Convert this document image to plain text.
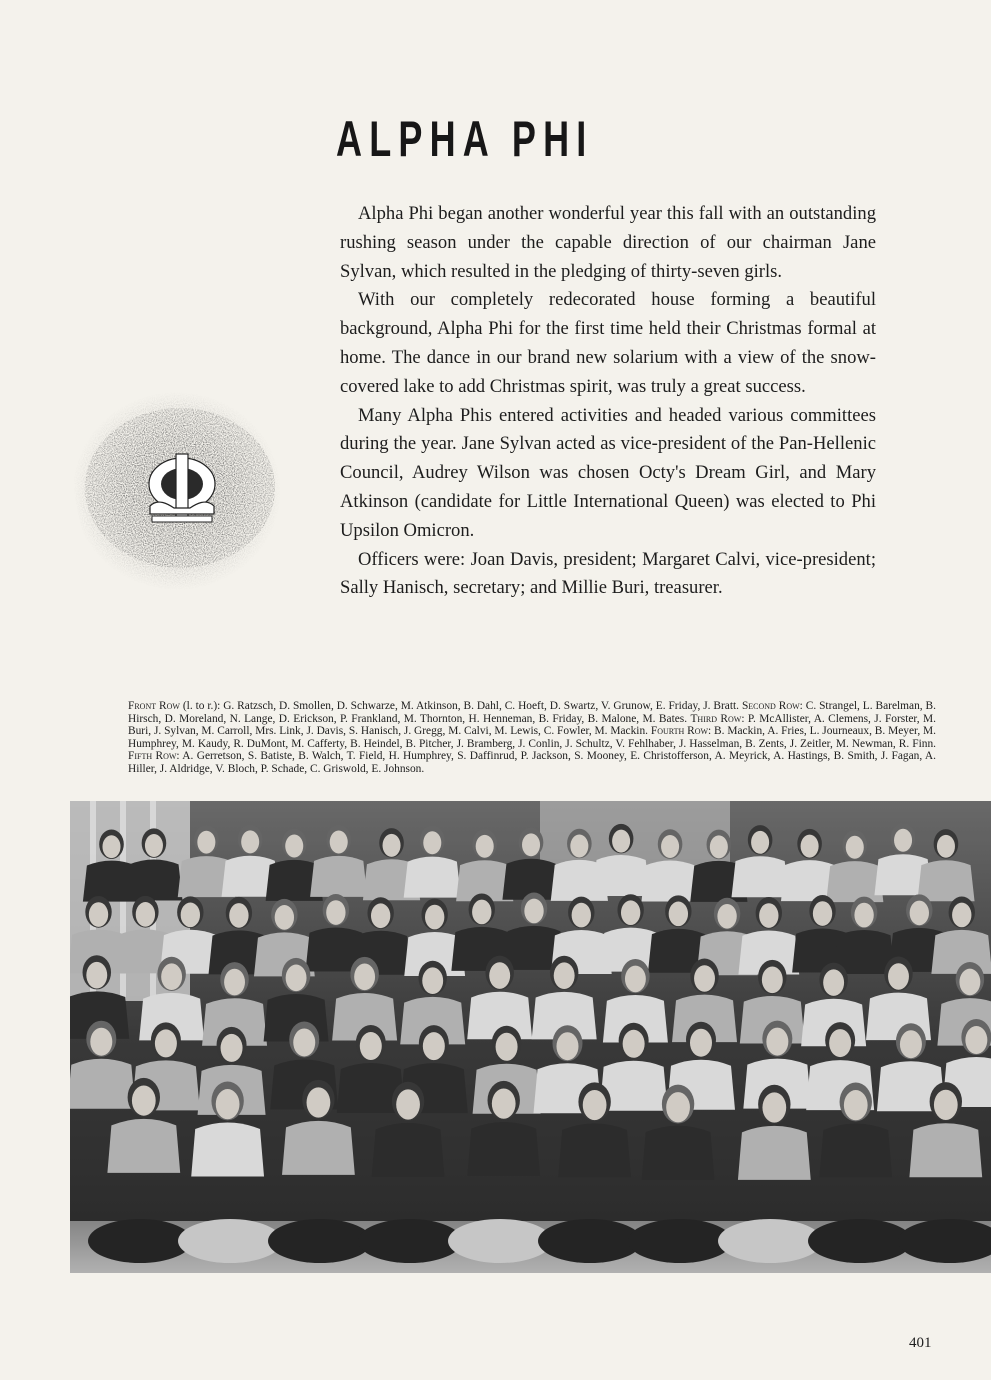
ALPHA PHI

Alpha Phi began another wonderful year this fall with an outstanding rushing season under the capable direction of our chairman Jane Sylvan, which resulted in the pledging of thirty-seven girls.

With our completely redecorated house forming a beautiful background, Alpha Phi for the first time held their Christmas formal at home. The dance in our brand new solarium with a view of the snow-covered lake to add Christmas spirit, was truly a great success.

Many Alpha Phis entered activities and headed various committees during the year. Jane Sylvan acted as vice-president of the Pan-Hellenic Council, Audrey Wilson was chosen Octy's Dream Girl, and Mary Atkinson (candidate for Little International Queen) was elected to Phi Upsilon Omicron.

Officers were: Joan Davis, president; Margaret Calvi, vice-president; Sally Hanisch, secretary; and Millie Buri, treasurer.

Front Row (l. to r.): G. Ratzsch, D. Smollen, D. Schwarze, M. Atkinson, B. Dahl, C. Hoeft, D. Swartz, V. Grunow, E. Friday, J. Bratt. Second Row: C. Strangel, L. Barelman, B. Hirsch, D. Moreland, N. Lange, D. Erickson, P. Frankland, M. Thornton, H. Henneman, B. Friday, B. Malone, M. Bates. Third Row: P. McAllister, A. Clemens, J. Forster, M. Buri, J. Sylvan, M. Carroll, Mrs. Link, J. Davis, S. Hanisch, J. Gregg, M. Calvi, M. Lewis, C. Fowler, M. Mackin. Fourth Row: B. Mackin, A. Fries, L. Journeaux, B. Meyer, M. Humphrey, M. Kaudy, R. DuMont, M. Cafferty, B. Heindel, B. Pitcher, J. Bramberg, J. Conlin, J. Schultz, V. Fehlhaber, J. Hasselman, B. Zents, J. Zeitler, M. Newman, R. Finn. Fifth Row: A. Gerretson, S. Batiste, B. Walch, T. Field, H. Humphrey, S. Daffinrud, P. Jackson, S. Mooney, E. Christofferson, A. Meyrick, A. Hastings, B. Smith, J. Fagan, A. Hiller, J. Aldridge, V. Bloch, P. Schade, C. Griswold, E. Johnson.
401
